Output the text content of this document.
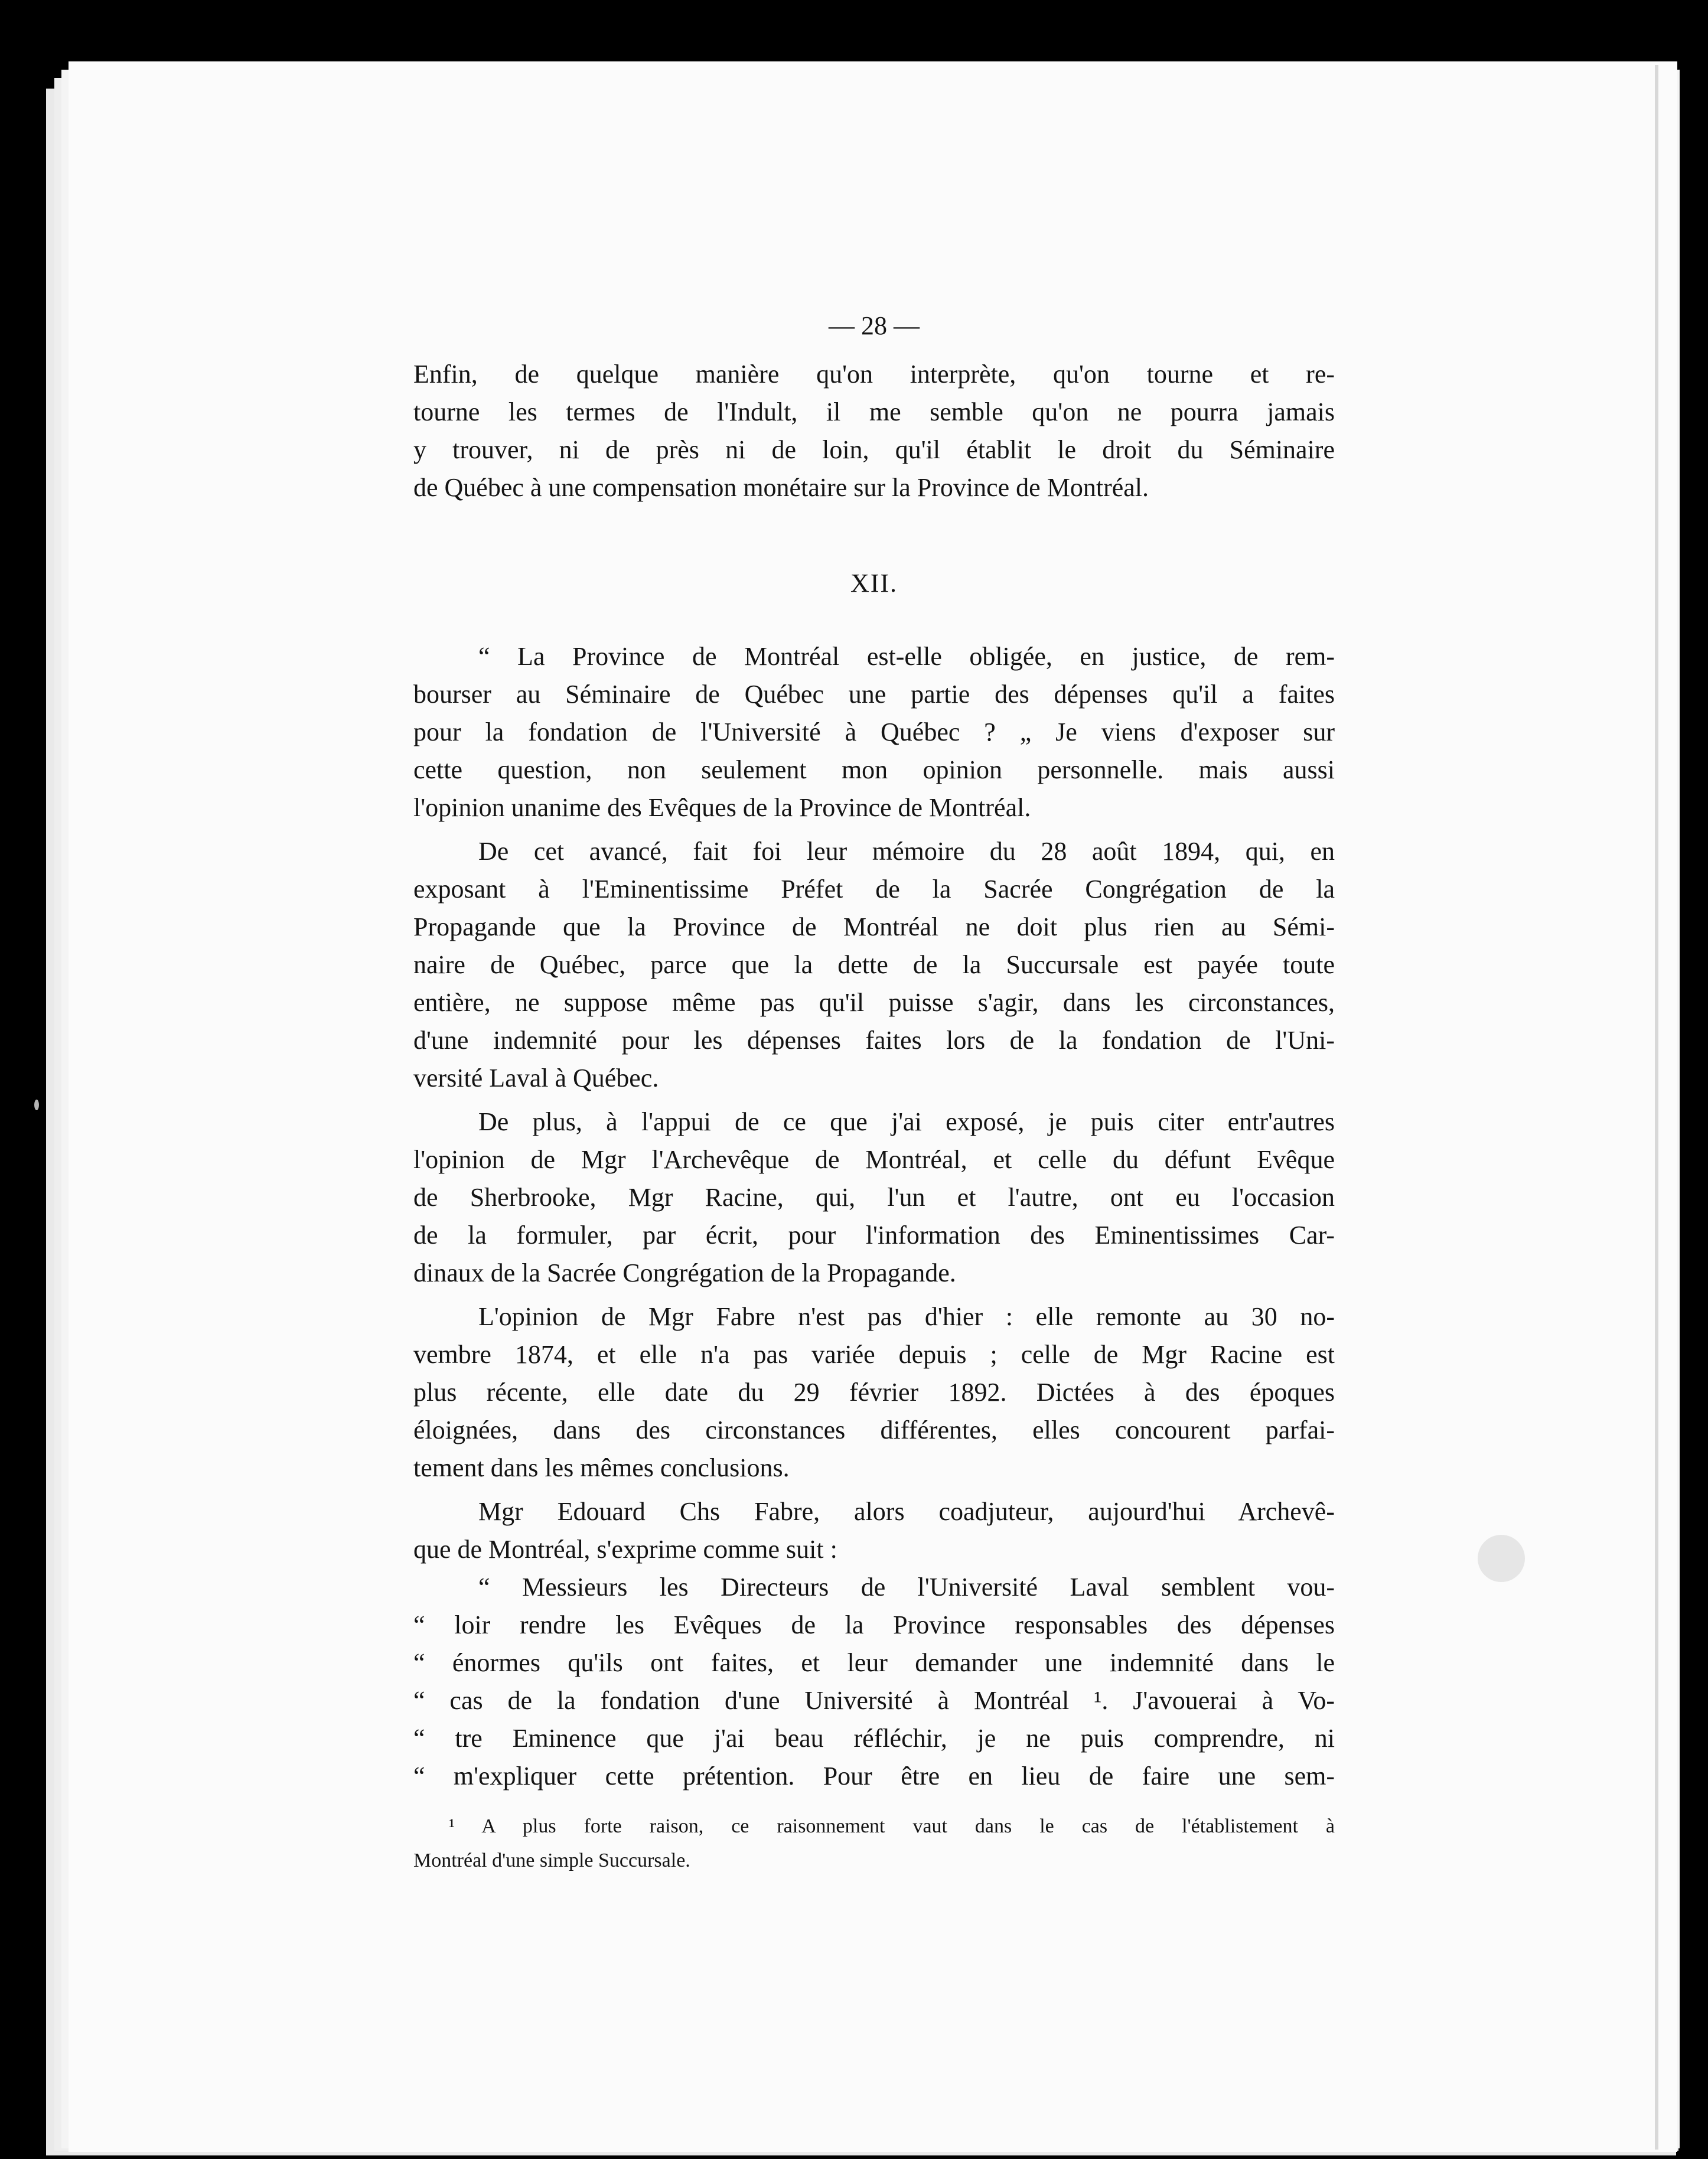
— 28 —
Enfin, de quelque manière qu'on interprète, qu'on tourne et re-
tourne les termes de l'Indult, il me semble qu'on ne pourra jamais
y trouver, ni de près ni de loin, qu'il établit le droit du Séminaire
de Québec à une compensation monétaire sur la Province de Montréal.
XII.
“ La Province de Montréal est-elle obligée, en justice, de rem-
bourser au Séminaire de Québec une partie des dépenses qu'il a faites
pour la fondation de l'Université à Québec ? „ Je viens d'exposer sur
cette question, non seulement mon opinion personnelle. mais aussi
l'opinion unanime des Evêques de la Province de Montréal.
De cet avancé, fait foi leur mémoire du 28 août 1894, qui, en
exposant à l'Eminentissime Préfet de la Sacrée Congrégation de la
Propagande que la Province de Montréal ne doit plus rien au Sémi-
naire de Québec, parce que la dette de la Succursale est payée toute
entière, ne suppose même pas qu'il puisse s'agir, dans les circonstances,
d'une indemnité pour les dépenses faites lors de la fondation de l'Uni-
versité Laval à Québec.
De plus, à l'appui de ce que j'ai exposé, je puis citer entr'autres
l'opinion de Mgr l'Archevêque de Montréal, et celle du défunt Evêque
de Sherbrooke, Mgr Racine, qui, l'un et l'autre, ont eu l'occasion
de la formuler, par écrit, pour l'information des Eminentissimes Car-
dinaux de la Sacrée Congrégation de la Propagande.
L'opinion de Mgr Fabre n'est pas d'hier : elle remonte au 30 no-
vembre 1874, et elle n'a pas variée depuis ; celle de Mgr Racine est
plus récente, elle date du 29 février 1892. Dictées à des époques
éloignées, dans des circonstances différentes, elles concourent parfai-
tement dans les mêmes conclusions.
Mgr Edouard Chs Fabre, alors coadjuteur, aujourd'hui Archevê-
que de Montréal, s'exprime comme suit :
“ Messieurs les Directeurs de l'Université Laval semblent vou-
“ loir rendre les Evêques de la Province responsables des dépenses
“ énormes qu'ils ont faites, et leur demander une indemnité dans le
“ cas de la fondation d'une Université à Montréal ¹. J'avouerai à Vo-
“ tre Eminence que j'ai beau réfléchir, je ne puis comprendre, ni
“ m'expliquer cette prétention. Pour être en lieu de faire une sem-
¹ A plus forte raison, ce raisonnement vaut dans le cas de l'établistement à
Montréal d'une simple Succursale.
